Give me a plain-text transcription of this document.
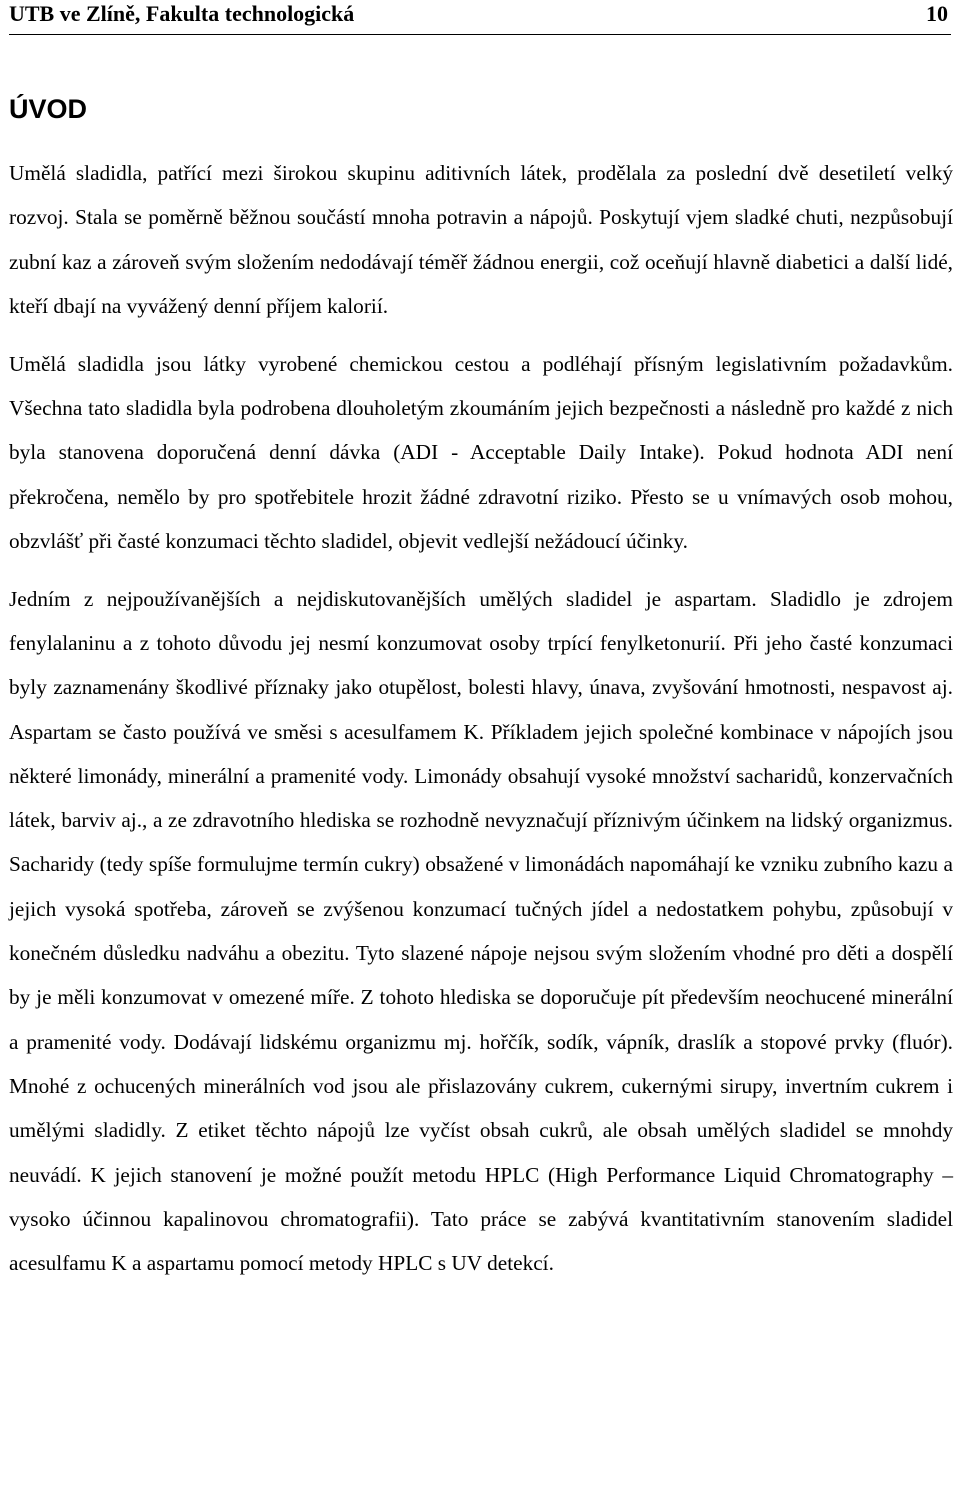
UTB ve Zlíně, Fakulta technologická	10
ÚVOD

Umělá sladidla, patřící mezi širokou skupinu aditivních látek, prodělala za poslední dvě desetiletí velký rozvoj. Stala se poměrně běžnou součástí mnoha potravin a nápojů. Poskytují vjem sladké chuti, nezpůsobují zubní kaz a zároveň svým složením nedodávají téměř žádnou energii, což oceňují hlavně diabetici a další lidé, kteří dbají na vyvážený denní příjem kalorií.

Umělá sladidla jsou látky vyrobené chemickou cestou a podléhají přísným legislativním požadavkům. Všechna tato sladidla byla podrobena dlouholetým zkoumáním jejich bezpečnosti a následně pro každé z nich byla stanovena doporučená denní dávka (ADI - Acceptable Daily Intake). Pokud hodnota ADI není překročena, nemělo by pro spotřebitele hrozit žádné zdravotní riziko. Přesto se u vnímavých osob mohou, obzvlášť při časté konzumaci těchto sladidel, objevit vedlejší nežádoucí účinky.

Jedním z nejpoužívanějších a nejdiskutovanějších umělých sladidel je aspartam. Sladidlo je zdrojem fenylalaninu a z tohoto důvodu jej nesmí konzumovat osoby trpící fenylketonurií. Při jeho časté konzumaci byly zaznamenány škodlivé příznaky jako otupělost, bolesti hlavy, únava, zvyšování hmotnosti, nespavost aj. Aspartam se často používá ve směsi s acesulfamem K. Příkladem jejich společné kombinace v nápojích jsou některé limonády, minerální a pramenité vody. Limonády obsahují vysoké množství sacharidů, konzervačních látek, barviv aj., a ze zdravotního hlediska se rozhodně nevyznačují příznivým účinkem na lidský organizmus. Sacharidy (tedy spíše formulujme termín cukry) obsažené v limonádách napomáhají ke vzniku zubního kazu a jejich vysoká spotřeba, zároveň se zvýšenou konzumací tučných jídel a nedostatkem pohybu, způsobují v konečném důsledku nadváhu a obezitu. Tyto slazené nápoje nejsou svým složením vhodné pro děti a dospělí by je měli konzumovat v omezené míře. Z tohoto hlediska se doporučuje pít především neochucené minerální a pramenité vody. Dodávají lidskému organizmu mj. hořčík, sodík, vápník, draslík a stopové prvky (fluór). Mnohé z ochucených minerálních vod jsou ale přislazovány cukrem, cukernými sirupy, invertním cukrem i umělými sladidly. Z etiket těchto nápojů lze vyčíst obsah cukrů, ale obsah umělých sladidel se mnohdy neuvádí. K jejich stanovení je možné použít metodu HPLC (High Performance Liquid Chromatography – vysoko účinnou kapalinovou chromatografii). Tato práce se zabývá kvantitativním stanovením sladidel acesulfamu K a aspartamu pomocí metody HPLC s UV detekcí.
